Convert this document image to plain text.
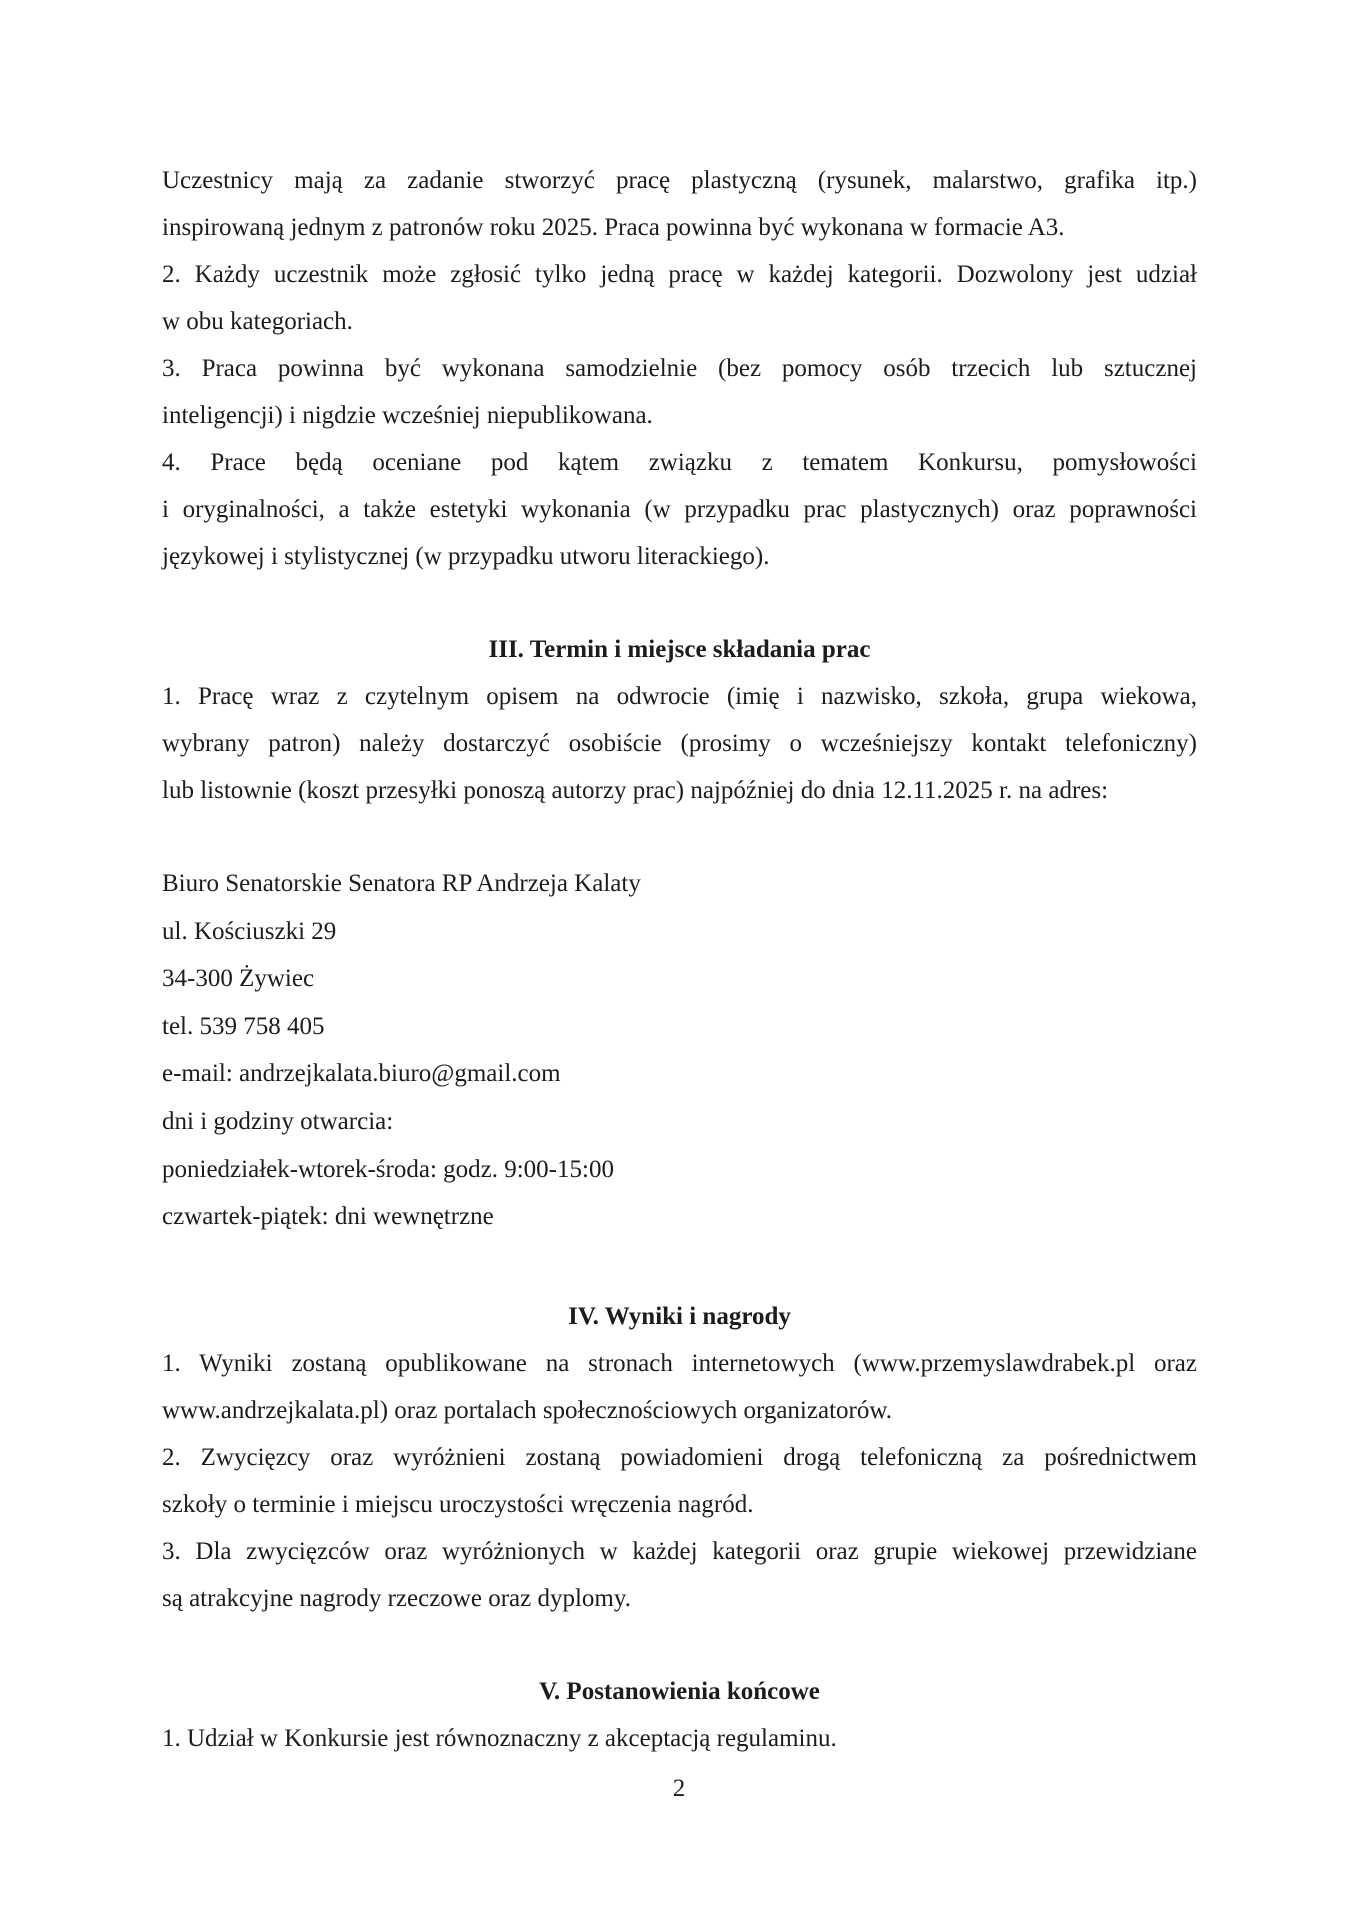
Uczestnicy mają za zadanie stworzyć pracę plastyczną (rysunek, malarstwo, grafika itp.)

inspirowaną jednym z patronów roku 2025. Praca powinna być wykonana w formacie A3.

2. Każdy uczestnik może zgłosić tylko jedną pracę w każdej kategorii. Dozwolony jest udział

w obu kategoriach.

3. Praca powinna być wykonana samodzielnie (bez pomocy osób trzecich lub sztucznej

inteligencji) i nigdzie wcześniej niepublikowana.

4. Prace będą oceniane pod kątem związku z tematem Konkursu, pomysłowości

i oryginalności, a także estetyki wykonania (w przypadku prac plastycznych) oraz poprawności

językowej i stylistycznej (w przypadku utworu literackiego).

III. Termin i miejsce składania prac

1. Pracę wraz z czytelnym opisem na odwrocie (imię i nazwisko, szkoła, grupa wiekowa,

wybrany patron) należy dostarczyć osobiście (prosimy o wcześniejszy kontakt telefoniczny)

lub listownie (koszt przesyłki ponoszą autorzy prac) najpóźniej do dnia 12.11.2025 r. na adres:

Biuro Senatorskie Senatora RP Andrzeja Kalaty

ul. Kościuszki 29

34-300 Żywiec

tel. 539 758 405

e-mail: andrzejkalata.biuro@gmail.com

dni i godziny otwarcia:

poniedziałek-wtorek-środa: godz. 9:00-15:00

czwartek-piątek: dni wewnętrzne

IV. Wyniki i nagrody

1. Wyniki zostaną opublikowane na stronach internetowych (www.przemyslawdrabek.pl oraz

www.andrzejkalata.pl) oraz portalach społecznościowych organizatorów.

2. Zwycięzcy oraz wyróżnieni zostaną powiadomieni drogą telefoniczną za pośrednictwem

szkoły o terminie i miejscu uroczystości wręczenia nagród.

3. Dla zwycięzców oraz wyróżnionych w każdej kategorii oraz grupie wiekowej przewidziane

są atrakcyjne nagrody rzeczowe oraz dyplomy.

V. Postanowienia końcowe

1. Udział w Konkursie jest równoznaczny z akceptacją regulaminu.

2
